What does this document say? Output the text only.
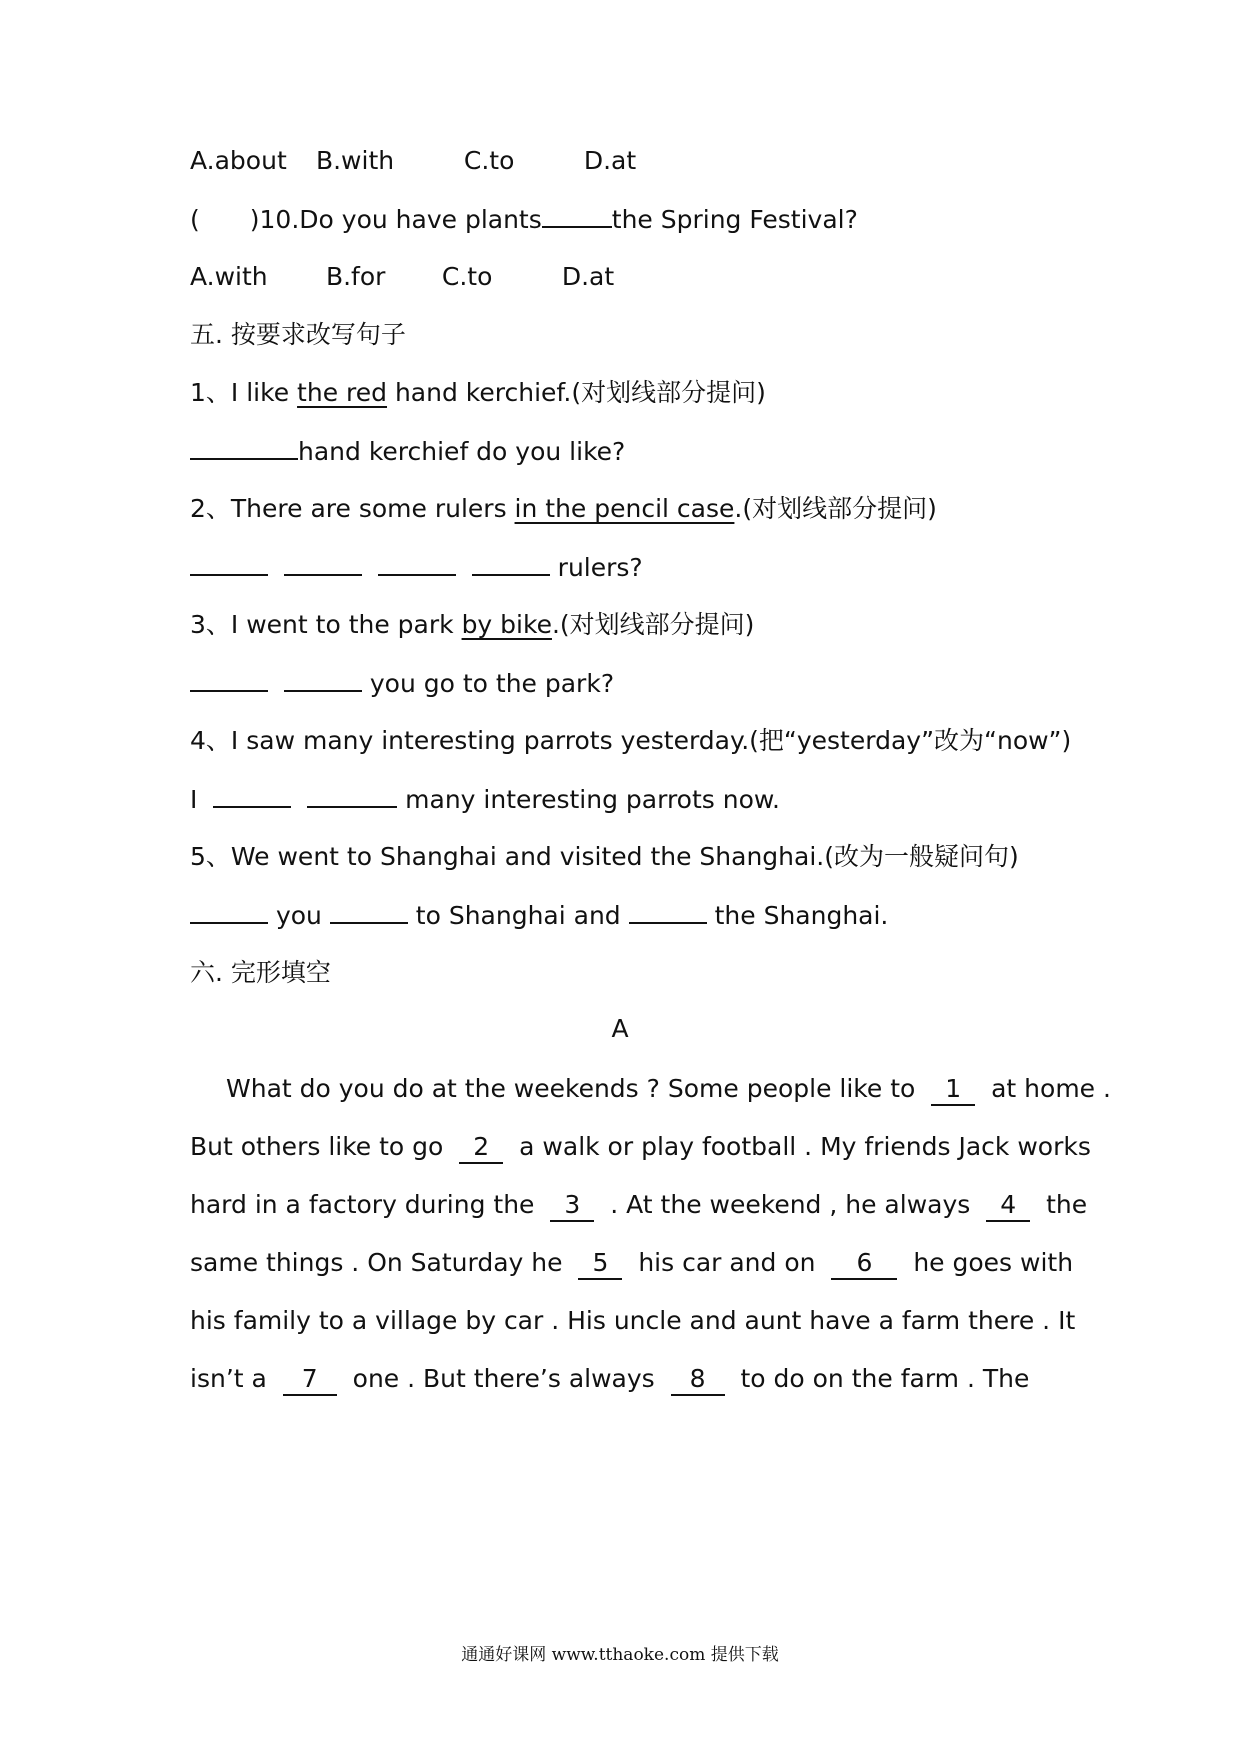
A.about B.with	C.to	D.at
( )10.Do you have plants	the Spring Festival?
A.with B.for C.to	D.at
五. 按要求改写句子
1、I like the red hand kerchief.(对划线部分提问)
hand kerchief do you like?
2、There are some rulers in the pencil case.(对划线部分提问)
rulers?
3、I went to the park by bike.(对划线部分提问)
you go to the park?
4、I saw many interesting parrots yesterday.(把“yesterday”改为“now”)
I	many interesting parrots now.
5、We went to Shanghai and visited the Shanghai.(改为一般疑问句)
you	to Shanghai and	the Shanghai.
六. 完形填空
A
What do you do at the weekends ? Some people like to 1 at home .
But others like to go 2 a walk or play football . My friends Jack works
hard in a factory during the 3 . At the weekend , he always 4 the
same things . On Saturday he 5 his car and on 6 he goes with
his family to a village by car . His uncle and aunt have a farm there . It
isn’t a 7 one . But there’s always 8 to do on the farm . The
通通好课网 www.tthaoke.com 提供下载
